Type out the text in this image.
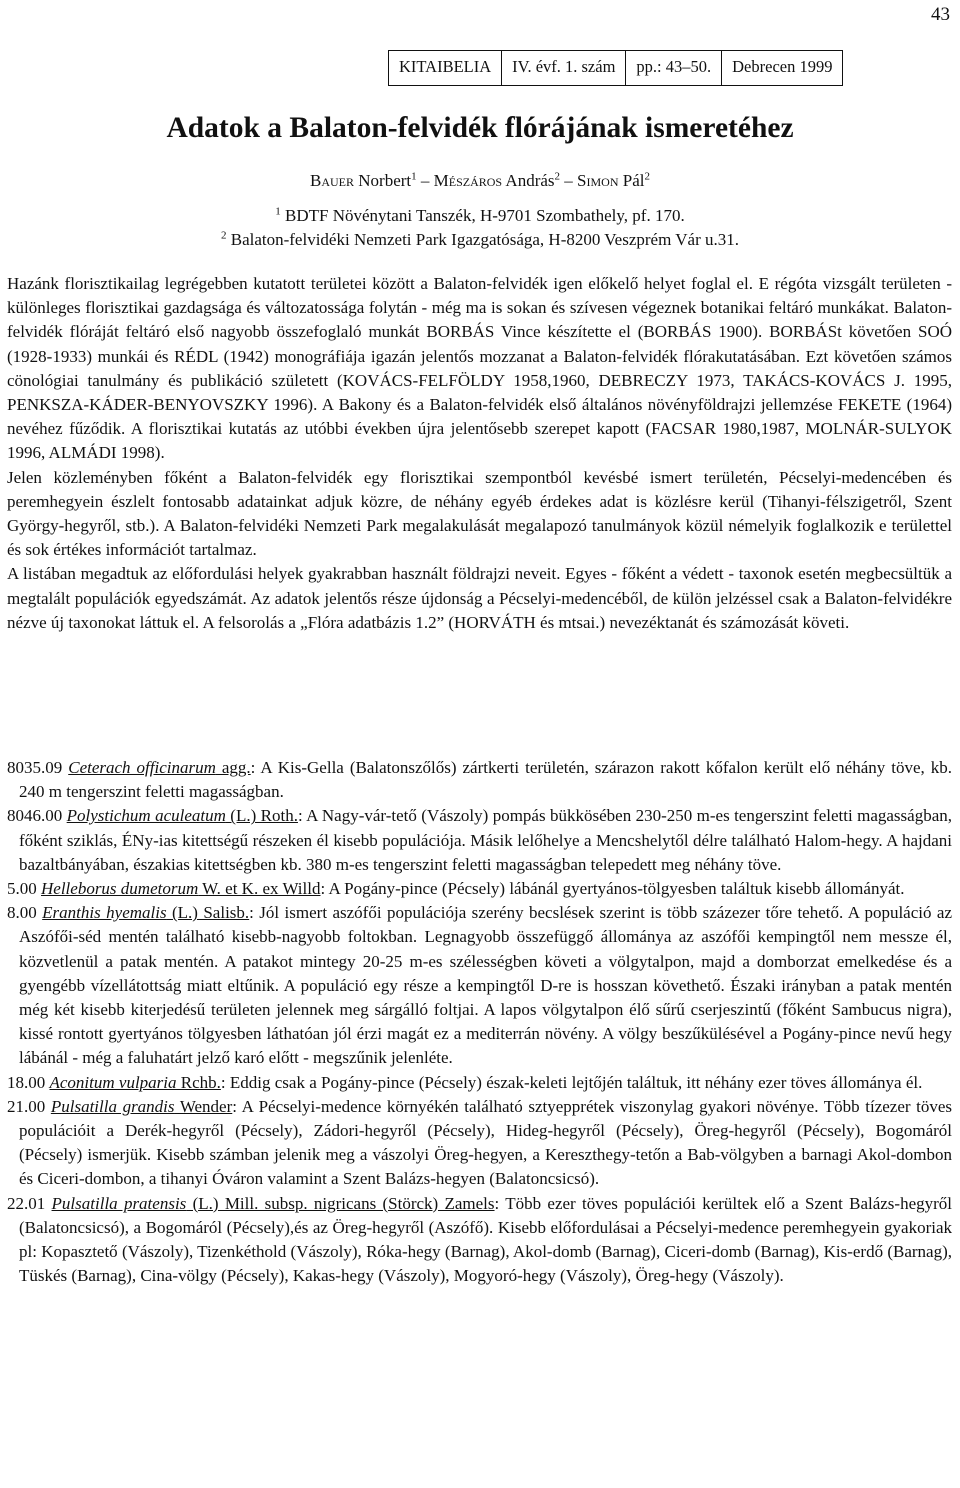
43
KITAIBELIA	IV. évf. 1. szám	pp.: 43–50.	Debrecen 1999
Adatok a Balaton-felvidék flórájának ismeretéhez
Bauer Norbert$^1$ – Mészáros András$^2$ – Simon Pál$^2$
$^1$ BDTF Növénytani Tanszék, H-9701 Szombathely, pf. 170.
$^2$ Balaton-felvidéki Nemzeti Park Igazgatósága, H-8200 Veszprém Vár u.31.

Hazánk florisztikailag legrégebben kutatott területei között a Balaton-felvidék igen előkelő helyet foglal el. E régóta vizsgált területen - különleges florisztikai gazdagsága és változatossága folytán - még ma is sokan és szívesen végeznek botanikai feltáró munkákat. Balaton-felvidék flóráját feltáró első nagyobb összefoglaló munkát BORBÁS Vince készítette el (BORBÁS 1900). BORBÁSt követően SOÓ (1928-1933) munkái és RÉDL (1942) monográfiája igazán jelentős mozzanat a Balaton-felvidék flórakutatásában. Ezt követően számos cönológiai tanulmány és publikáció született (KOVÁCS-FELFÖLDY 1958,1960, DEBRECZY 1973, TAKÁCS-KOVÁCS J. 1995, PENKSZA-KÁDER-BENYOVSZKY 1996). A Bakony és a Balaton-felvidék első általános növényföldrajzi jellemzése FEKETE (1964) nevéhez fűződik. A florisztikai kutatás az utóbbi években újra jelentősebb szerepet kapott (FACSAR 1980,1987, MOLNÁR-SULYOK 1996, ALMÁDI 1998).

Jelen közleményben főként a Balaton-felvidék egy florisztikai szempontból kevésbé ismert területén, Pécselyi-medencében és peremhegyein észlelt fontosabb adatainkat adjuk közre, de néhány egyéb érdekes adat is közlésre kerül (Tihanyi-félszigetről, Szent György-hegyről, stb.). A Balaton-felvidéki Nemzeti Park megalakulását megalapozó tanulmányok közül némelyik foglalkozik e területtel és sok értékes információt tartalmaz.

A listában megadtuk az előfordulási helyek gyakrabban használt földrajzi neveit. Egyes - főként a védett - taxonok esetén megbecsültük a megtalált populációk egyedszámát. Az adatok jelentős része újdonság a Pécselyi-medencéből, de külön jelzéssel csak a Balaton-felvidékre nézve új taxonokat láttuk el. A felsorolás a „Flóra adatbázis 1.2” (HORVÁTH és mtsai.) nevezéktanát és számozását követi.

8035.09 Ceterach officinarum agg.: A Kis-Gella (Balatonszőlős) zártkerti területén, szárazon rakott kőfalon került elő néhány töve, kb. 240 m tengerszint feletti magasságban.

8046.00 Polystichum aculeatum (L.) Roth.: A Nagy-vár-tető (Vászoly) pompás bükkösében 230-250 m-es tengerszint feletti magasságban, főként sziklás, ÉNy-ias kitettségű részeken él kisebb populációja. Másik lelőhelye a Mencshelytől délre található Halom-hegy. A hajdani bazaltbányában, északias kitettségben kb. 380 m-es tengerszint feletti magasságban telepedett meg néhány töve.

5.00 Helleborus dumetorum W. et K. ex Willd: A Pogány-pince (Pécsely) lábánál gyertyános-tölgyesben találtuk kisebb állományát.

8.00 Eranthis hyemalis (L.) Salisb.: Jól ismert aszófői populációja szerény becslések szerint is több százezer tőre tehető. A populáció az Aszófői-séd mentén található kisebb-nagyobb foltokban. Legnagyobb összefüggő állománya az aszófői kempingtől nem messze él, közvetlenül a patak mentén. A patakot mintegy 20-25 m-es szélességben követi a völgytalpon, majd a domborzat emelkedése és a gyengébb vízellátottság miatt eltűnik. A populáció egy része a kempingtől D-re is hosszan követhető. Északi irányban a patak mentén még két kisebb kiterjedésű területen jelennek meg sárgálló foltjai. A lapos völgytalpon élő sűrű cserjeszintű (főként Sambucus nigra), kissé rontott gyertyános tölgyesben láthatóan jól érzi magát ez a mediterrán növény. A völgy beszűkülésével a Pogány-pince nevű hegy lábánál - még a faluhatárt jelző karó előtt - megszűnik jelenléte.

18.00 Aconitum vulparia Rchb.: Eddig csak a Pogány-pince (Pécsely) észak-keleti lejtőjén találtuk, itt néhány ezer töves állománya él.

21.00 Pulsatilla grandis Wender: A Pécselyi-medence környékén található sztyepprétek viszonylag gyakori növénye. Több tízezer töves populációit a Derék-hegyről (Pécsely), Zádori-hegyről (Pécsely), Hideg-hegyről (Pécsely), Öreg-hegyről (Pécsely), Bogomáról (Pécsely) ismerjük. Kisebb számban jelenik meg a vászolyi Öreg-hegyen, a Kereszthegy-tetőn a Bab-völgyben a barnagi Akol-dombon és Ciceri-dombon, a tihanyi Óváron valamint a Szent Balázs-hegyen (Balatoncsicsó).

22.01 Pulsatilla pratensis (L.) Mill. subsp. nigricans (Störck) Zamels: Több ezer töves populációi kerültek elő a Szent Balázs-hegyről (Balatoncsicsó), a Bogomáról (Pécsely),és az Öreg-hegyről (Aszófő). Kisebb előfordulásai a Pécselyi-medence peremhegyein gyakoriak pl: Kopasztető (Vászoly), Tizenkéthold (Vászoly), Róka-hegy (Barnag), Akol-domb (Barnag), Ciceri-domb (Barnag), Kis-erdő (Barnag), Tüskés (Barnag), Cina-völgy (Pécsely), Kakas-hegy (Vászoly), Mogyoró-hegy (Vászoly), Öreg-hegy (Vászoly).
